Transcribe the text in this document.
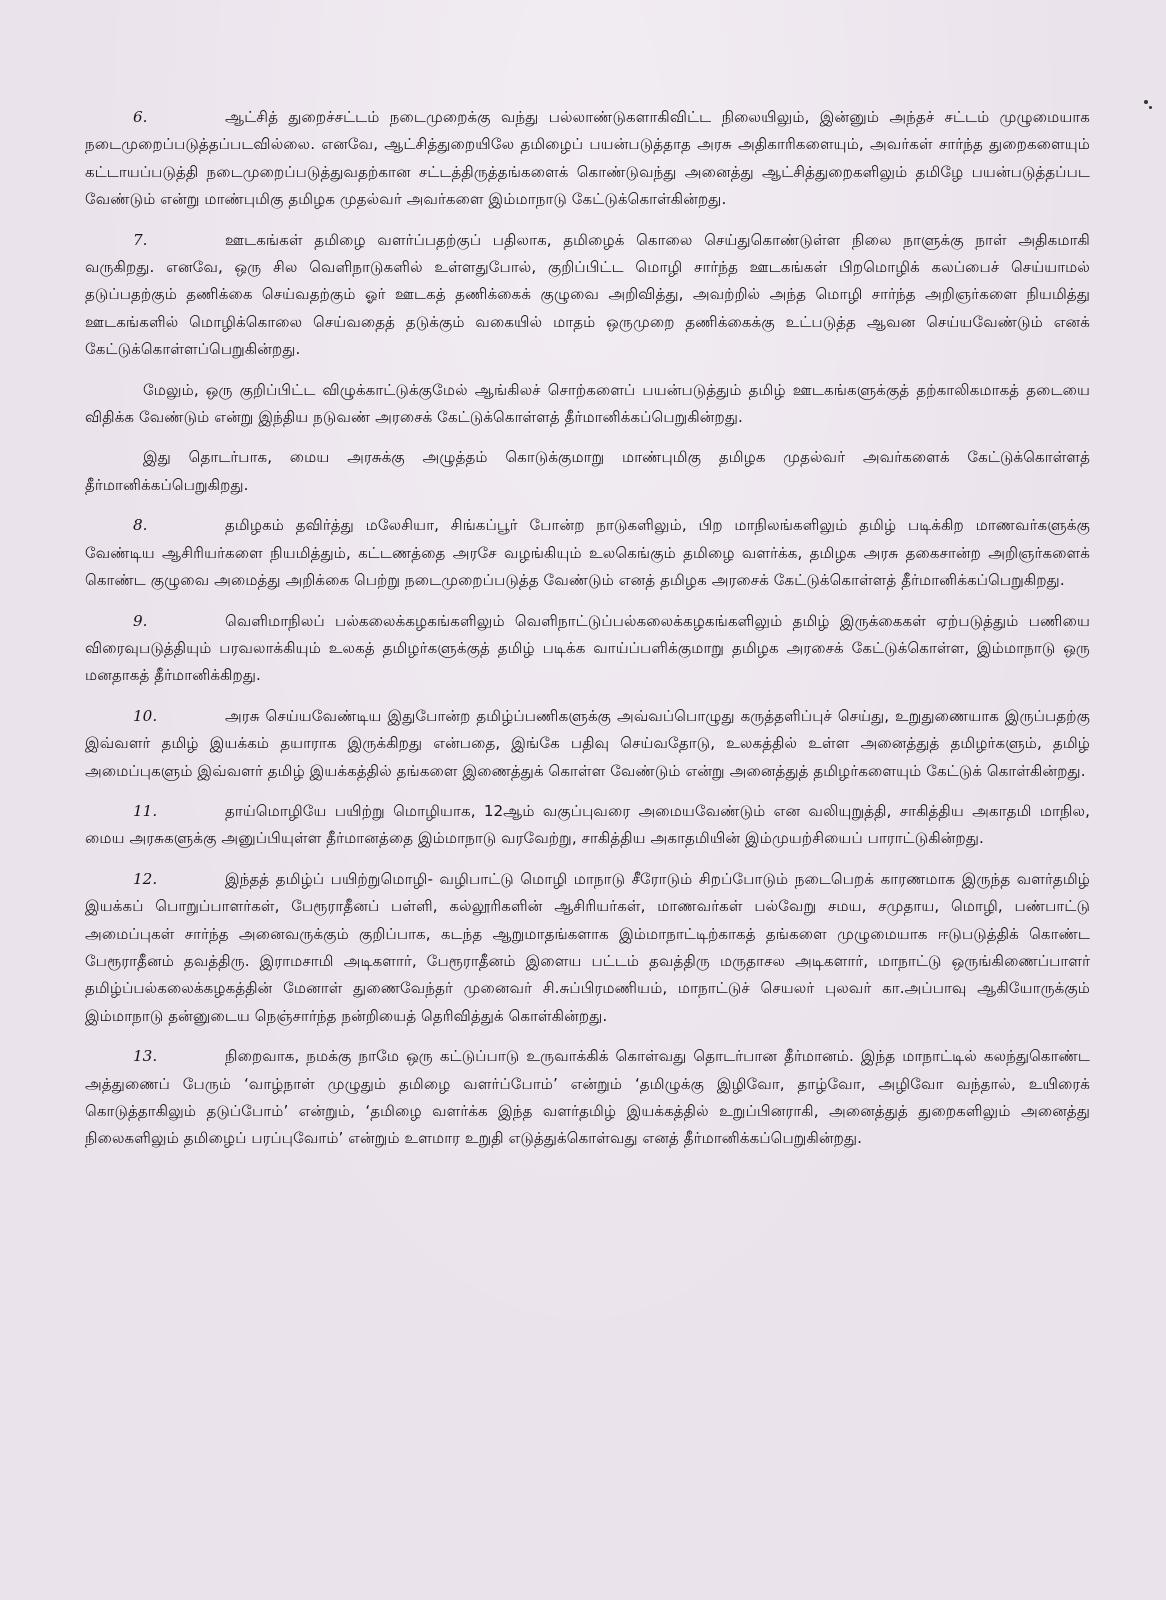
6.	ஆட்சித் துறைச்சட்டம் நடைமுறைக்கு வந்து பல்லாண்டுகளாகிவிட்ட நிலையிலும், இன்னும் அந்தச் சட்டம் முழுமையாக நடைமுறைப்படுத்தப்படவில்லை. எனவே, ஆட்சித்துறையிலே தமிழைப் பயன்படுத்தாத அரசு அதிகாரிகளையும், அவர்கள் சார்ந்த துறைகளையும் கட்டாயப்படுத்தி நடைமுறைப்படுத்துவதற்கான சட்டத்திருத்தங்களைக் கொண்டுவந்து அனைத்து ஆட்சித்துறைகளிலும் தமிழே பயன்படுத்தப்பட வேண்டும் என்று மாண்புமிகு தமிழக முதல்வர் அவர்களை இம்மாநாடு கேட்டுக்கொள்கின்றது.

7.	ஊடகங்கள் தமிழை வளர்ப்பதற்குப் பதிலாக, தமிழைக் கொலை செய்துகொண்டுள்ள நிலை நாளுக்கு நாள் அதிகமாகி வருகிறது. எனவே, ஒரு சில வெளிநாடுகளில் உள்ளதுபோல், குறிப்பிட்ட மொழி சார்ந்த ஊடகங்கள் பிறமொழிக் கலப்பைச் செய்யாமல் தடுப்பதற்கும் தணிக்கை செய்வதற்கும் ஓர் ஊடகத் தணிக்கைக் குழுவை அறிவித்து, அவற்றில் அந்த மொழி சார்ந்த அறிஞர்களை நியமித்து ஊடகங்களில் மொழிக்கொலை செய்வதைத் தடுக்கும் வகையில் மாதம் ஒருமுறை தணிக்கைக்கு உட்படுத்த ஆவன செய்யவேண்டும் எனக் கேட்டுக்கொள்ளப்பெறுகின்றது.

மேலும், ஒரு குறிப்பிட்ட விழுக்காட்டுக்குமேல் ஆங்கிலச் சொற்களைப் பயன்படுத்தும் தமிழ் ஊடகங்களுக்குத் தற்காலிகமாகத் தடையை விதிக்க வேண்டும் என்று இந்திய நடுவண் அரசைக் கேட்டுக்கொள்ளத் தீர்மானிக்கப்பெறுகின்றது.

இது தொடர்பாக, மைய அரசுக்கு அழுத்தம் கொடுக்குமாறு மாண்புமிகு தமிழக முதல்வர் அவர்களைக் கேட்டுக்கொள்ளத் தீர்மானிக்கப்பெறுகிறது.

8.	தமிழகம் தவிர்த்து மலேசியா, சிங்கப்பூர் போன்ற நாடுகளிலும், பிற மாநிலங்களிலும் தமிழ் படிக்கிற மாணவர்களுக்கு வேண்டிய ஆசிரியர்களை நியமித்தும், கட்டணத்தை அரசே வழங்கியும் உலகெங்கும் தமிழை வளர்க்க, தமிழக அரசு தகைசான்ற அறிஞர்களைக் கொண்ட குழுவை அமைத்து அறிக்கை பெற்று நடைமுறைப்படுத்த வேண்டும் எனத் தமிழக அரசைக் கேட்டுக்கொள்ளத் தீர்மானிக்கப்பெறுகிறது.

9.	வெளிமாநிலப் பல்கலைக்கழகங்களிலும் வெளிநாட்டுப்பல்கலைக்கழகங்களிலும் தமிழ் இருக்கைகள் ஏற்படுத்தும் பணியை விரைவுபடுத்தியும் பரவலாக்கியும் உலகத் தமிழர்களுக்குத் தமிழ் படிக்க வாய்ப்பளிக்குமாறு தமிழக அரசைக் கேட்டுக்கொள்ள, இம்மாநாடு ஒரு மனதாகத் தீர்மானிக்கிறது.

10.	அரசு செய்யவேண்டிய இதுபோன்ற தமிழ்ப்பணிகளுக்கு அவ்வப்பொழுது கருத்தளிப்புச் செய்து, உறுதுணையாக இருப்பதற்கு இவ்வளர் தமிழ் இயக்கம் தயாராக இருக்கிறது என்பதை, இங்கே பதிவு செய்வதோடு, உலகத்தில் உள்ள அனைத்துத் தமிழர்களும், தமிழ் அமைப்புகளும் இவ்வளர் தமிழ் இயக்கத்தில் தங்களை இணைத்துக் கொள்ள வேண்டும் என்று அனைத்துத் தமிழர்களையும் கேட்டுக் கொள்கின்றது.

11.	தாய்மொழியே பயிற்று மொழியாக, 12ஆம் வகுப்புவரை அமையவேண்டும் என வலியுறுத்தி, சாகித்திய அகாதமி மாநில, மைய அரசுகளுக்கு அனுப்பியுள்ள தீர்மானத்தை இம்மாநாடு வரவேற்று, சாகித்திய அகாதமியின் இம்முயற்சியைப் பாராட்டுகின்றது.

12.	இந்தத் தமிழ்ப் பயிற்றுமொழி- வழிபாட்டு மொழி மாநாடு சீரோடும் சிறப்போடும் நடைபெறக் காரணமாக இருந்த வளர்தமிழ் இயக்கப் பொறுப்பாளர்கள், பேரூராதீனப் பள்ளி, கல்லூரிகளின் ஆசிரியர்கள், மாணவர்கள் பல்வேறு சமய, சமுதாய, மொழி, பண்பாட்டு அமைப்புகள் சார்ந்த அனைவருக்கும் குறிப்பாக, கடந்த ஆறுமாதங்களாக இம்மாநாட்டிற்காகத் தங்களை முழுமையாக ஈடுபடுத்திக் கொண்ட பேரூராதீனம் தவத்திரு. இராமசாமி அடிகளார், பேரூராதீனம் இளைய பட்டம் தவத்திரு மருதாசல அடிகளார், மாநாட்டு ஒருங்கிணைப்பாளர் தமிழ்ப்பல்கலைக்கழகத்தின் மேனாள் துணைவேந்தர் முனைவர் சி.சுப்பிரமணியம், மாநாட்டுச் செயலர் புலவர் கா.அப்பாவு ஆகியோருக்கும் இம்மாநாடு தன்னுடைய நெஞ்சார்ந்த நன்றியைத் தெரிவித்துக் கொள்கின்றது.

13.	நிறைவாக, நமக்கு நாமே ஒரு கட்டுப்பாடு உருவாக்கிக் கொள்வது தொடர்பான தீர்மானம். இந்த மாநாட்டில் கலந்துகொண்ட அத்துணைப் பேரும் ‘வாழ்நாள் முழுதும் தமிழை வளர்ப்போம்’ என்றும் ‘தமிழுக்கு இழிவோ, தாழ்வோ, அழிவோ வந்தால், உயிரைக் கொடுத்தாகிலும் தடுப்போம்’ என்றும், ‘தமிழை வளர்க்க இந்த வளர்தமிழ் இயக்கத்தில் உறுப்பினராகி, அனைத்துத் துறைகளிலும் அனைத்து நிலைகளிலும் தமிழைப் பரப்புவோம்’ என்றும் உளமார உறுதி எடுத்துக்கொள்வது எனத் தீர்மானிக்கப்பெறுகின்றது.
